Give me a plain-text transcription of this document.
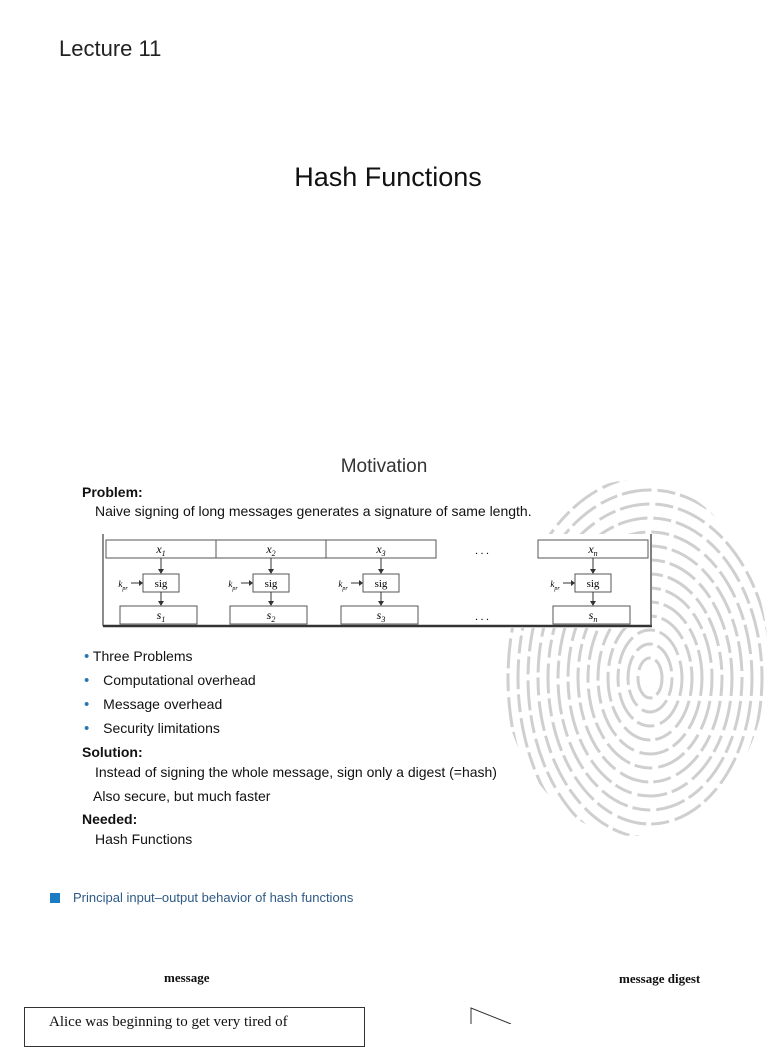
Lecture 11
Hash Functions
Motivation
Problem:
Naive signing of long messages generates a signature of same length.
$x_1$
sig
$k_{pr}$
$s_1$
$x_2$
sig
$k_{pr}$
$s_2$
$x_3$
sig
$k_{pr}$
$s_3$
$x_n$
sig
$k_{pr}$
$s_n$
. . .
. . .
• Three Problems
• Computational overhead
• Message overhead
• Security limitations
Solution:
Instead of signing the whole message, sign only a digest (=hash)
Also secure, but much faster
Needed:
Hash Functions
Principal input–output behavior of hash functions
message	message digest
Alice was beginning to get very tired of
